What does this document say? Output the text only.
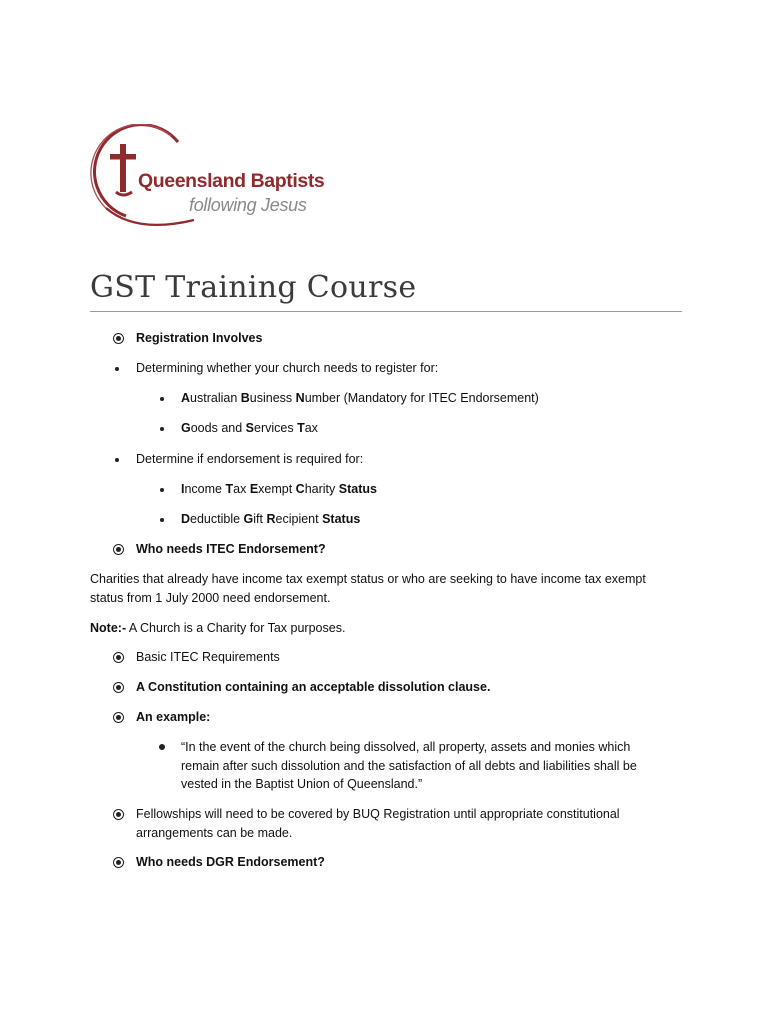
Queensland Baptists
following Jesus
GST Training Course
Registration Involves
Determining whether your church needs to register for:
Australian Business Number (Mandatory for ITEC Endorsement)
Goods and Services Tax
Determine if endorsement is required for:
Income Tax Exempt Charity Status
Deductible Gift Recipient Status
Who needs ITEC Endorsement?
Charities that already have income tax exempt status or who are seeking to have income tax exempt
status from 1 July 2000 need endorsement.
Note:- A Church is a Charity for Tax purposes.
Basic ITEC Requirements
A Constitution containing an acceptable dissolution clause.
An example:
“In the event of the church being dissolved, all property, assets and monies which
remain after such dissolution and the satisfaction of all debts and liabilities shall be
vested in the Baptist Union of Queensland.”
Fellowships will need to be covered by BUQ Registration until appropriate constitutional
arrangements can be made.
Who needs DGR Endorsement?
